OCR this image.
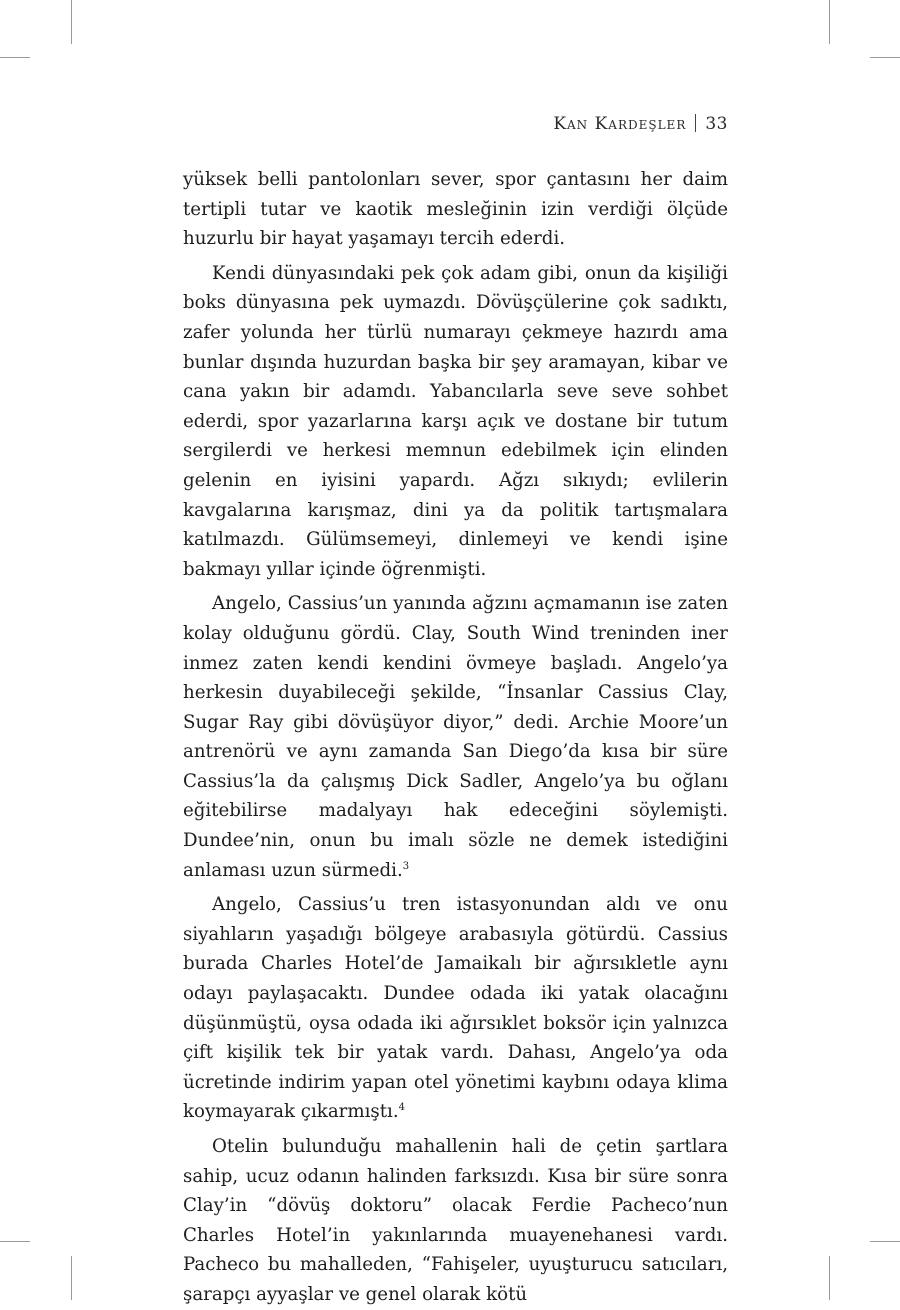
Kan Kardeşler 33

yüksek belli pantolonları sever, spor çantasını her daim tertipli tutar ve kaotik mesleğinin izin verdiği ölçüde huzurlu bir hayat yaşamayı tercih ederdi.

Kendi dünyasındaki pek çok adam gibi, onun da kişiliği boks dünyasına pek uymazdı. Dövüşçülerine çok sadıktı, zafer yolunda her türlü numarayı çekmeye hazırdı ama bunlar dışında huzurdan başka bir şey aramayan, kibar ve cana yakın bir adamdı. Yabancılarla seve seve sohbet ederdi, spor yazarlarına karşı açık ve dostane bir tutum sergilerdi ve herkesi memnun edebilmek için elinden gelenin en iyisini yapardı. Ağzı sıkıydı; evlilerin kavgalarına karışmaz, dini ya da politik tartışmalara katılmazdı. Gülümsemeyi, dinlemeyi ve kendi işine bakmayı yıllar içinde öğrenmişti.

Angelo, Cassius’un yanında ağzını açmamanın ise zaten kolay olduğunu gördü. Clay, South Wind treninden iner inmez zaten kendi kendini övmeye başladı. Angelo’ya herkesin duyabileceği şekilde, “İnsanlar Cassius Clay, Sugar Ray gibi dövüşüyor diyor,” dedi. Archie Moore’un antrenörü ve aynı zamanda San Diego’da kısa bir süre Cassius’la da çalışmış Dick Sadler, Angelo’ya bu oğlanı eğitebilirse madalyayı hak edeceğini söylemişti. Dundee’nin, onun bu imalı sözle ne demek istediğini anlaması uzun sürmedi.$^3$

Angelo, Cassius’u tren istasyonundan aldı ve onu siyahların yaşadığı bölgeye arabasıyla götürdü. Cassius burada Charles Hotel’de Jamaikalı bir ağırsıkletle aynı odayı paylaşacaktı. Dundee odada iki yatak olacağını düşünmüştü, oysa odada iki ağırsıklet boksör için yalnızca çift kişilik tek bir yatak vardı. Dahası, Angelo’ya oda ücretinde indirim yapan otel yönetimi kaybını odaya klima koymayarak çıkarmıştı.$^4$

Otelin bulunduğu mahallenin hali de çetin şartlara sahip, ucuz odanın halinden farksızdı. Kısa bir süre sonra Clay’in “dövüş doktoru” olacak Ferdie Pacheco’nun Charles Hotel’in yakınlarında muayenehanesi vardı. Pacheco bu mahalleden, “Fahişeler, uyuşturucu satıcıları, şarapçı ayyaşlar ve genel olarak kötü
